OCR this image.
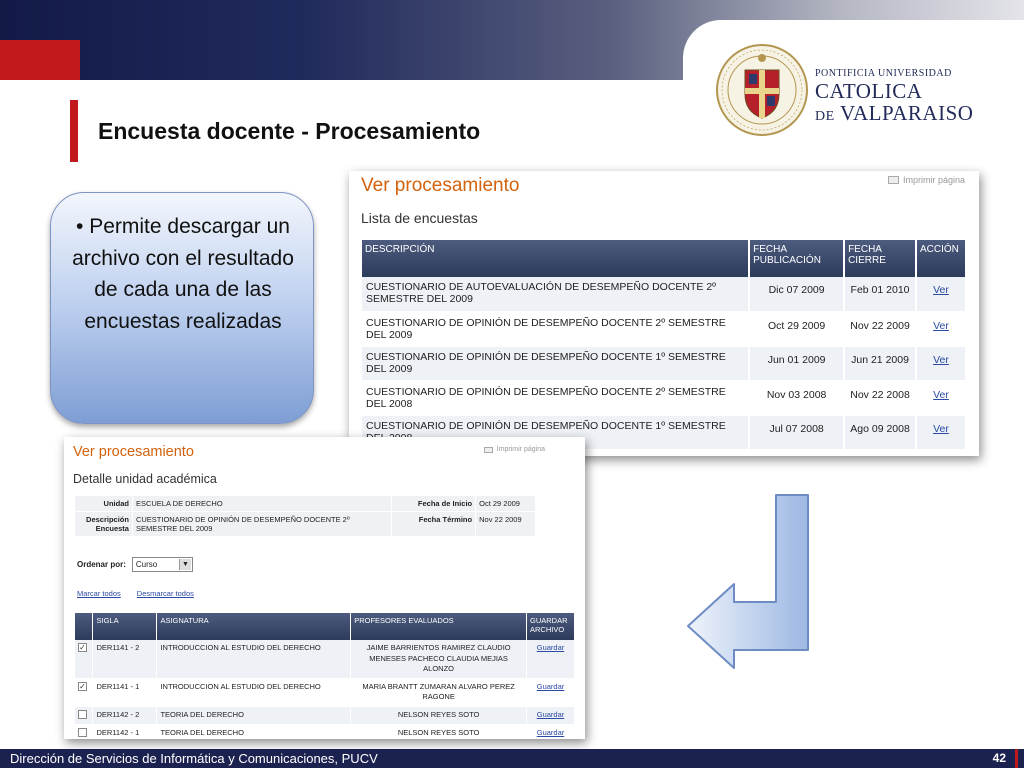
PONTIFICIA UNIVERSIDAD
CATOLICA
DE VALPARAISO
Encuesta docente - Procesamiento
• Permite descargar un archivo con el resultado de cada una de las encuestas realizadas
Ver procesamiento	Imprimir página
Lista de encuestas
DESCRIPCIÓN	FECHA PUBLICACIÓN	FECHA CIERRE	ACCIÓN
CUESTIONARIO DE AUTOEVALUACIÓN DE DESEMPEÑO DOCENTE 2º SEMESTRE DEL 2009	Dic 07 2009	Feb 01 2010	Ver
CUESTIONARIO DE OPINIÓN DE DESEMPEÑO DOCENTE 2º SEMESTRE DEL 2009	Oct 29 2009	Nov 22 2009	Ver
CUESTIONARIO DE OPINIÓN DE DESEMPEÑO DOCENTE 1º SEMESTRE DEL 2009	Jun 01 2009	Jun 21 2009	Ver
CUESTIONARIO DE OPINIÓN DE DESEMPEÑO DOCENTE 2º SEMESTRE DEL 2008	Nov 03 2008	Nov 22 2008	Ver
CUESTIONARIO DE OPINIÓN DE DESEMPEÑO DOCENTE 1º SEMESTRE	Jul 07 2008	Ago 09 2008	Ver
Ver procesamiento	Imprimir página
Detalle unidad académica
Unidad	ESCUELA DE DERECHO	Fecha de Inicio	Oct 29 2009
Descripción
Encuesta	CUESTIONARIO DE OPINIÓN DE DESEMPEÑO DOCENTE 2º SEMESTRE DEL 2009	Fecha Término	Nov 22 2009
Ordenar por: Curso	▼
Marcar todos Desmarcar todos
	SIGLA	ASIGNATURA	PROFESORES EVALUADOS	GUARDAR ARCHIVO
✓	DER1141 - 2	INTRODUCCION AL ESTUDIO DEL DERECHO	JAIME BARRIENTOS RAMIREZ CLAUDIO MENESES PACHECO CLAUDIA MEJIAS ALONZO	Guardar
✓	DER1141 - 1	INTRODUCCION AL ESTUDIO DEL DERECHO	MARIA BRANTT ZUMARAN ALVARO PEREZ RAGONE	Guardar
	DER1142 - 2	TEORIA DEL DERECHO	NELSON REYES SOTO	Guardar
	DER1142 - 1	TEORIA DEL DERECHO	NELSON REYES SOTO	Guardar
Dirección de Servicios de Informática y Comunicaciones, PUCV	42
